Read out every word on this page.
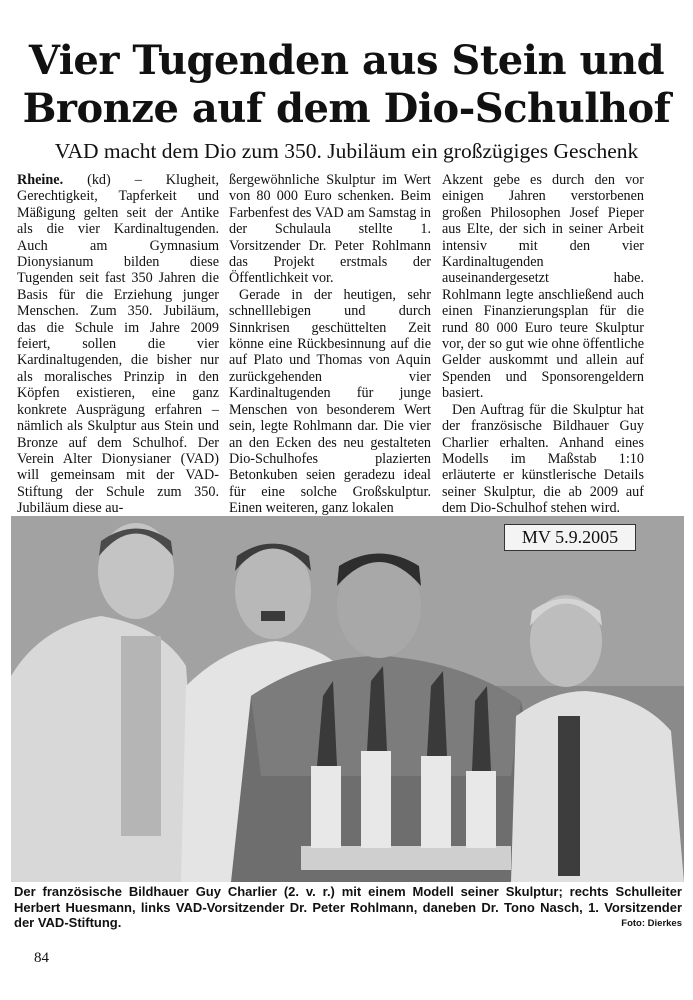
Vier Tugenden aus Stein und
Bronze auf dem Dio-Schulhof
VAD macht dem Dio zum 350. Jubiläum ein großzügiges Geschenk

Rheine. (kd) – Klugheit, Gerechtigkeit, Tapferkeit und Mäßigung gelten seit der Antike als die vier Kardinaltugenden. Auch am Gymnasium Dionysianum bilden diese Tugenden seit fast 350 Jahren die Basis für die Erziehung junger Menschen. Zum 350. Jubiläum, das die Schule im Jahre 2009 feiert, sollen die vier Kardinaltugenden, die bisher nur als moralisches Prinzip in den Köpfen existieren, eine ganz konkrete Ausprägung erfahren – nämlich als Skulptur aus Stein und Bronze auf dem Schulhof. Der Verein Alter Dionysianer (VAD) will gemeinsam mit der VAD-Stiftung der Schule zum 350. Jubiläum diese au-

ßergewöhnliche Skulptur im Wert von 80 000 Euro schenken. Beim Farbenfest des VAD am Samstag in der Schulaula stellte 1. Vorsitzender Dr. Peter Rohlmann das Projekt erstmals der Öffentlichkeit vor.

Gerade in der heutigen, sehr schnelllebigen und durch Sinnkrisen geschüttelten Zeit könne eine Rückbesinnung auf die auf Plato und Thomas von Aquin zurückgehenden vier Kardinaltugenden für junge Menschen von besonderem Wert sein, legte Rohlmann dar. Die vier an den Ecken des neu gestalteten Dio-Schulhofes plazierten Betonkuben seien geradezu ideal für eine solche Großskulptur. Einen weiteren, ganz lokalen

Akzent gebe es durch den vor einigen Jahren verstorbenen großen Philosophen Josef Pieper aus Elte, der sich in seiner Arbeit intensiv mit den vier Kardinaltugenden auseinandergesetzt habe. Rohlmann legte anschließend auch einen Finanzierungsplan für die rund 80 000 Euro teure Skulptur vor, der so gut wie ohne öffentliche Gelder auskommt und allein auf Spenden und Sponsorengeldern basiert.

Den Auftrag für die Skulptur hat der französische Bildhauer Guy Charlier erhalten. Anhand eines Modells im Maßstab 1:10 erläuterte er künstlerische Details seiner Skulptur, die ab 2009 auf dem Dio-Schulhof stehen wird.

MV 5.9.2005
Der französische Bildhauer Guy Charlier (2. v. r.) mit einem Modell seiner Skulptur; rechts Schulleiter Herbert Huesmann, links VAD-Vorsitzender Dr. Peter Rohlmann, daneben Dr. Tono Nasch, 1. Vorsitzender der VAD-Stiftung.	Foto: Dierkes
84
